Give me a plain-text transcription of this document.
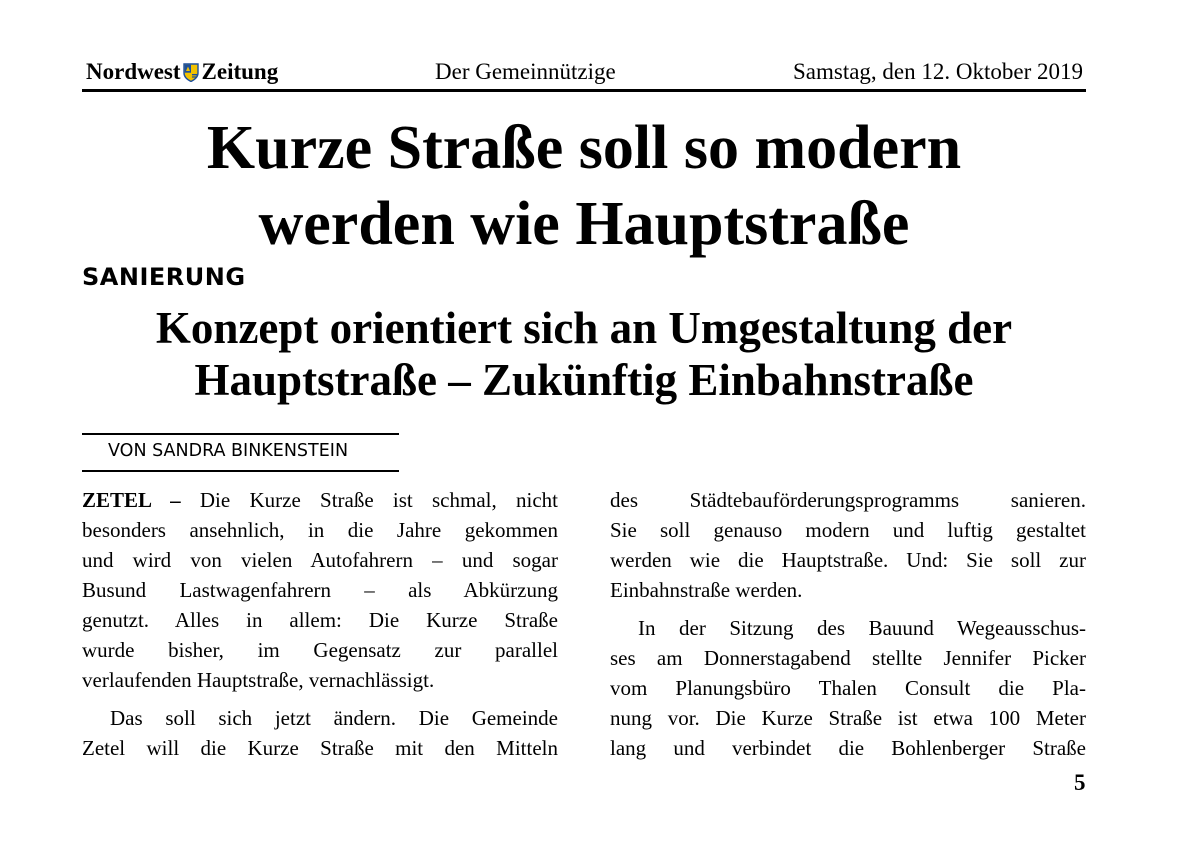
Nordwest Zeitung	Der Gemeinnützige	Samstag, den 12. Oktober 2019
Kurze Straße soll so modern
werden wie Hauptstraße
SANIERUNG
Konzept orientiert sich an Umgestaltung der
Hauptstraße – Zukünftig Einbahnstraße
VON SANDRA BINKENSTEIN

ZETEL – Die Kurze Straße ist schmal, nicht
besonders ansehnlich, in die Jahre gekommen
und wird von vielen Autofahrern – und sogar
Busund Lastwagenfahrern – als Abkürzung
genutzt. Alles in allem: Die Kurze Straße
wurde bisher, im Gegensatz zur parallel
verlaufenden Hauptstraße, vernachlässigt.

Das soll sich jetzt ändern. Die Gemeinde
Zetel will die Kurze Straße mit den Mitteln

des Städtebauförderungsprogramms sanieren.
Sie soll genauso modern und luftig gestaltet
werden wie die Hauptstraße. Und: Sie soll zur
Einbahnstraße werden.

In der Sitzung des Bauund Wegeausschus-
ses am Donnerstagabend stellte Jennifer Picker
vom Planungsbüro Thalen Consult die Pla-
nung vor. Die Kurze Straße ist etwa 100 Meter
lang und verbindet die Bohlenberger Straße

5
